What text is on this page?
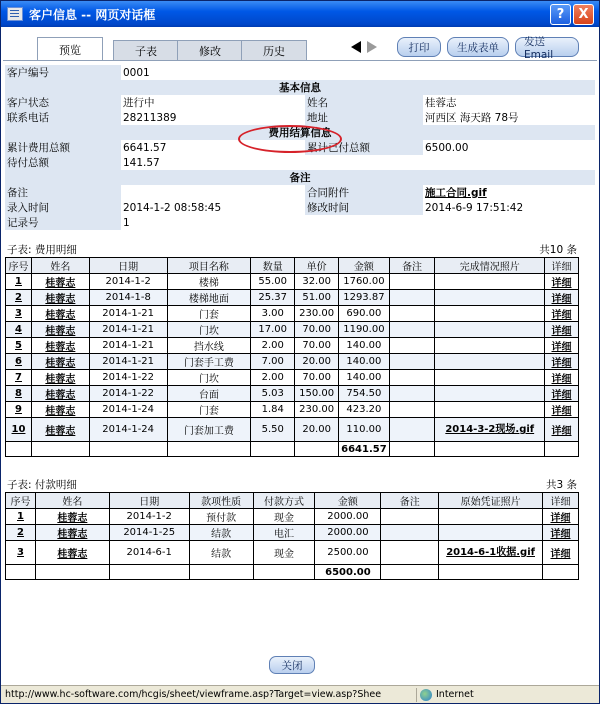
客户信息 -- 网页对话框	?	X
预览	子表	修改	历史	打印	生成表单	发送Email
客户编号	0001		
基本信息			
客户状态	进行中	姓名	桂蓉志
联系电话	28211389	地址	河西区 海天路 78号
费用结算信息			
累计费用总额	6641.57	累计已付总额	6500.00
待付总额	141.57		
备注			
备注		合同附件	施工合同.gif
录入时间	2014-1-2 08:58:45	修改时间	2014-6-9 17:51:42
记录号	1		
子表: 费用明细	共10 条
序号	姓名	日期	项目名称	数量	单价	金额	备注	完成情况照片	详细
1	桂蓉志	2014-1-2	楼梯	55.00	32.00	1760.00			详细
2	桂蓉志	2014-1-8	楼梯地面	25.37	51.00	1293.87			详细
3	桂蓉志	2014-1-21	门套	3.00	230.00	690.00			详细
4	桂蓉志	2014-1-21	门坎	17.00	70.00	1190.00			详细
5	桂蓉志	2014-1-21	挡水线	2.00	70.00	140.00			详细
6	桂蓉志	2014-1-21	门套手工费	7.00	20.00	140.00			详细
7	桂蓉志	2014-1-22	门坎	2.00	70.00	140.00			详细
8	桂蓉志	2014-1-22	台面	5.03	150.00	754.50			详细
9	桂蓉志	2014-1-24	门套	1.84	230.00	423.20			详细
10	桂蓉志	2014-1-24	门套加工费	5.50	20.00	110.00		2014-3-2现场.gif	详细
						6641.57			
子表: 付款明细	共3 条
序号	姓名	日期	款项性质	付款方式	金额	备注	原始凭证照片	详细
1	桂蓉志	2014-1-2	预付款	现金	2000.00			详细
2	桂蓉志	2014-1-25	结款	电汇	2000.00			详细
3	桂蓉志	2014-6-1	结款	现金	2500.00		2014-6-1收据.gif	详细
					6500.00			
关闭
http://www.hc-software.com/hcgis/sheet/viewframe.asp?Target=view.asp?Shee	Internet
